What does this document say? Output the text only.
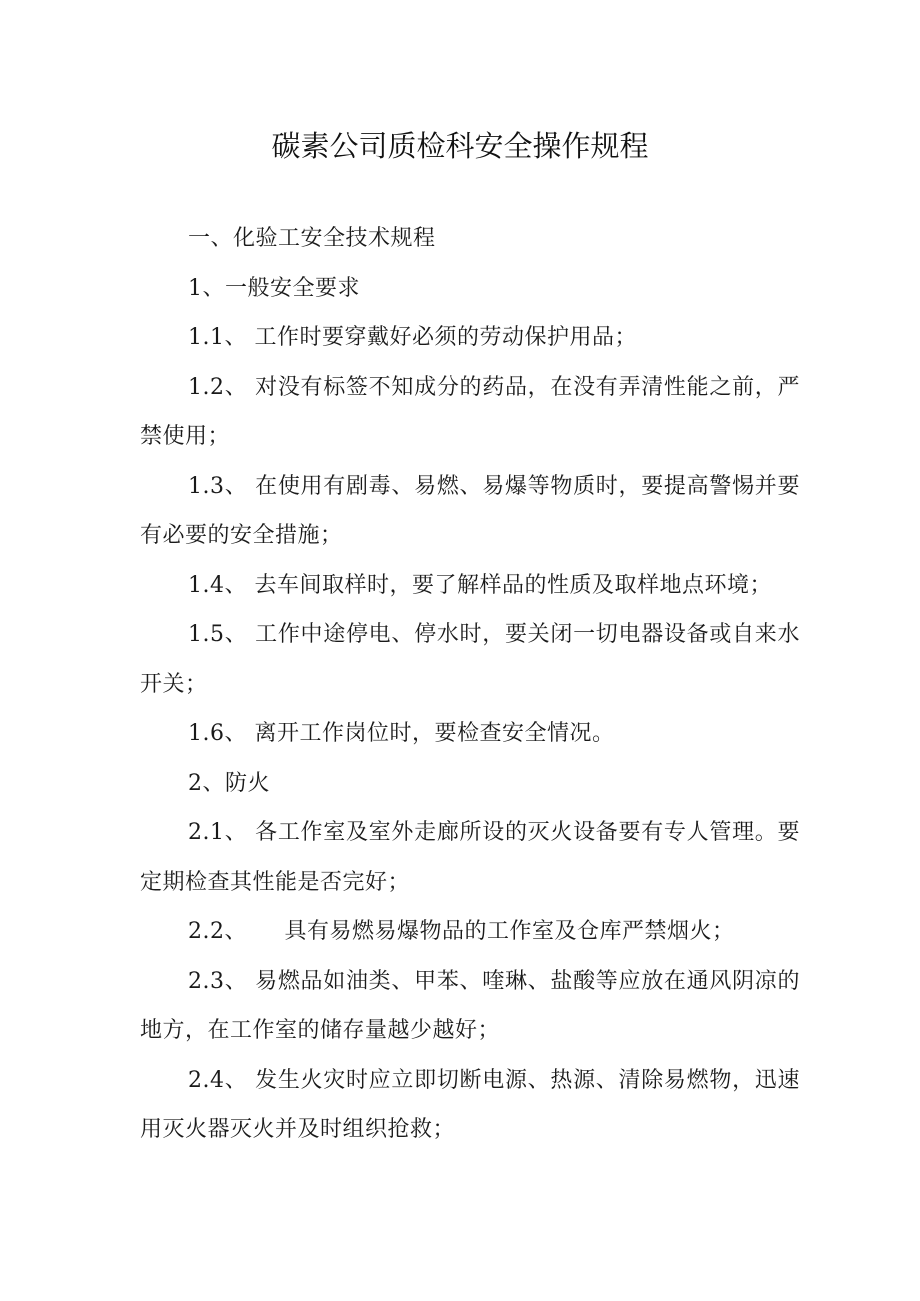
碳素公司质检科安全操作规程

一、化验工安全技术规程

1、一般安全要求

1.1、 工作时要穿戴好必须的劳动保护用品；

1.2、 对没有标签不知成分的药品，在没有弄清性能之前，严禁使用；

1.3、 在使用有剧毒、易燃、易爆等物质时，要提高警惕并要有必要的安全措施；

1.4、 去车间取样时，要了解样品的性质及取样地点环境；

1.5、 工作中途停电、停水时，要关闭一切电器设备或自来水开关；

1.6、 离开工作岗位时，要检查安全情况。

2、防火

2.1、 各工作室及室外走廊所设的灭火设备要有专人管理。要定期检查其性能是否完好；

2.2、     具有易燃易爆物品的工作室及仓库严禁烟火；

2.3、 易燃品如油类、甲苯、喹琳、盐酸等应放在通风阴凉的地方，在工作室的储存量越少越好；

2.4、 发生火灾时应立即切断电源、热源、清除易燃物，迅速用灭火器灭火并及时组织抢救；
